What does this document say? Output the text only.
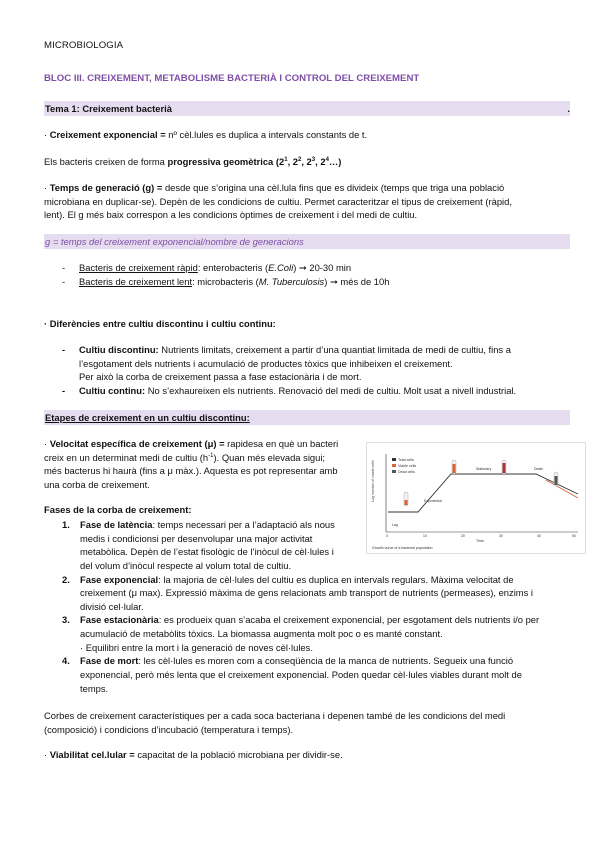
MICROBIOLOGIA
BLOC III. CREIXEMENT, METABOLISME BACTERIÀ I CONTROL DEL CREIXEMENT
Tema 1: Creixement bacterià	.
· Creixement exponencial = nº cèl.lules es duplica a intervals constants de t.
Els bacteris creixen de forma progressiva geomètrica ($2^1$, $2^2$, $2^3$, $2^4\dots$)
· Temps de generació (g) = desde que s’origina una cèl.lula fins que es divideix (temps que triga una població
microbiana en duplicar-se). Depèn de les condicions de cultiu. Permet caracteritzar el tipus de creixement (ràpid,
lent). El g més baix correspon a les condicions òptimes de creixement i del medi de cultiu.
g = temps del creixement exponencial/nombre de generacions
- Bacteris de creixement ràpid: enterobacteris (E.Coli) ➞ 20-30 min
- Bacteris de creixement lent: microbacteris (M. Tuberculosis) ➞ més de 10h
· Diferències entre cultiu discontinu i cultiu continu:
- Cultiu discontinu: Nutrients limitats, creixement a partir d’una quantiat limitada de medi de cultiu, fins a
l’esgotament dels nutrients i acumulació de productes tòxics que inhibeixen el creixement.
Per això la corba de creixement passa a fase estacionària i de mort.
- Cultiu continu: No s’exhaureixen els nutrients. Renovació del medi de cultiu. Molt usat a nivell industrial.
Etapes de creixement en un cultiu discontinu:
· Velocitat específica de creixement (μ) = rapidesa en què un bacteri
creix en un determinat medi de cultiu $(h^{-1})$. Quan més elevada sigui;
més bacterus hi haurà (fins a μ màx.). Aquesta es pot representar amb
una corba de creixement.	Log number of viable cells
Total cells
Viable cells
Dead cells
Lag
Exponential
Stationary	Death
0	10	20	30	40	50
Time
Growth curve of a bacterial population
Fases de la corba de creixement:
1. Fase de latència: temps necessari per a l’adaptació als nous
medis i condicionsi per desenvolupar una major activitat
metabòlica. Depèn de l’estat fisològic de l’inòcul de cèl·lules i
del volum d’inòcul respecte al volum total de cultiu.
2. Fase exponencial: la majoria de cèl·lules del cultiu es duplica en intervals regulars. Màxima velocitat de
creixement (μ max). Expressió màxima de gens relacionats amb transport de nutrients (permeases), enzims i
divisió cel·lular.
3. Fase estacionària: es produeix quan s’acaba el creixement exponencial, per esgotament dels nutrients i/o per
acumulació de metabòlits tòxics. La biomassa augmenta molt poc o es manté constant.
· Equilibri entre la mort i la generació de noves cèl·lules.
4. Fase de mort: les cèl·lules es moren com a conseqüència de la manca de nutrients. Segueix una funció
exponencial, però més lenta que el creixement exponencial. Poden quedar cèl·lules viables durant molt de
temps.
Corbes de creixement característiques per a cada soca bacteriana i depenen també de les condicions del medi
(composició) i condicions d’incubació (temperatura i temps).
· Viabilitat cel.lular = capacitat de la població microbiana per dividir-se.
